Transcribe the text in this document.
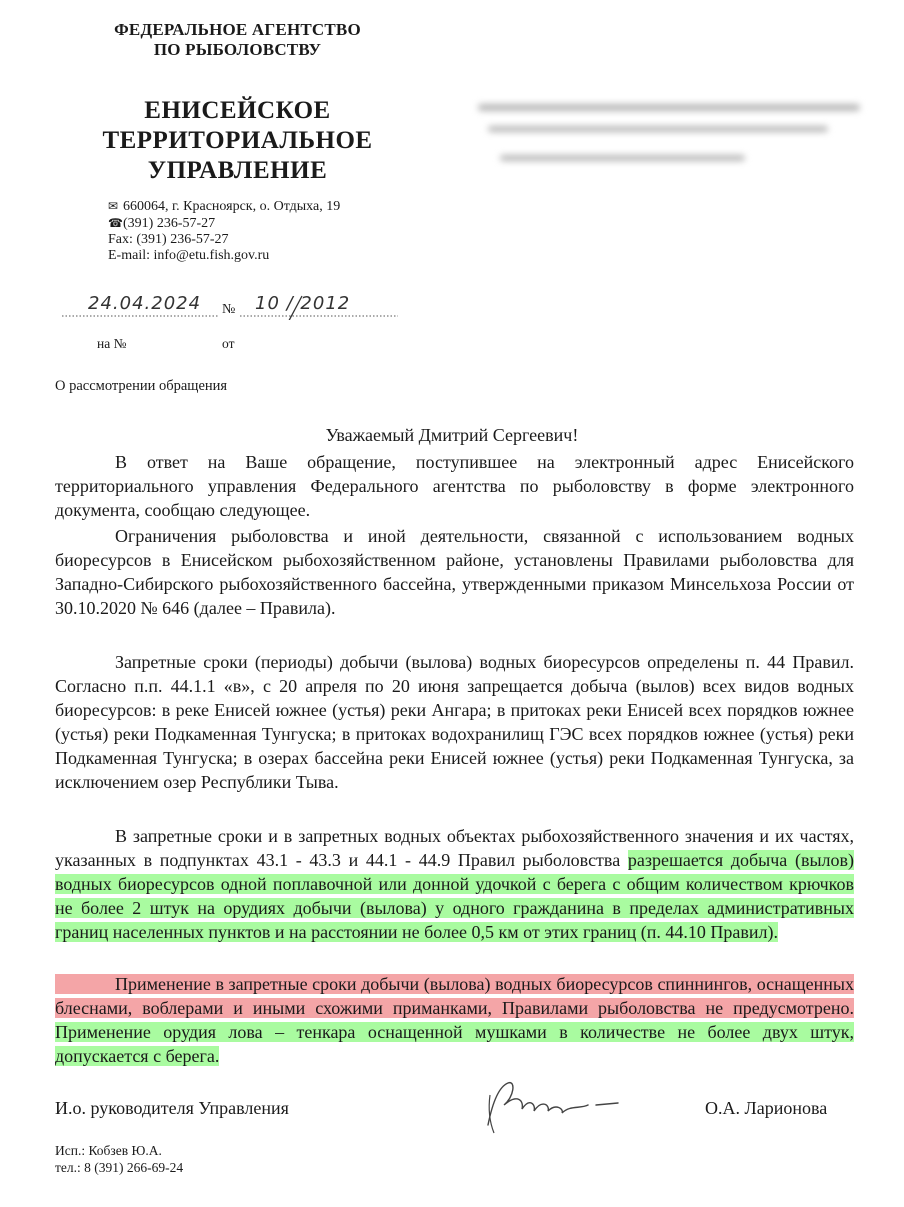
ФЕДЕРАЛЬНОЕ АГЕНТСТВО
ПО РЫБОЛОВСТВУ
ЕНИСЕЙСКОЕ
ТЕРРИТОРИАЛЬНОЕ
УПРАВЛЕНИЕ
✉ 660064, г. Красноярск, о. Отдыха, 19
☎(391) 236-57-27
Fax: (391) 236-57-27
E-mail: info@etu.fish.gov.ru
24.04.2024 № 10 / 2012
на №	от
О рассмотрении обращения
Уважаемый Дмитрий Сергеевич!
В ответ на Ваше обращение, поступившее на электронный адрес Енисейского территориального управления Федерального агентства по рыболовству в форме электронного документа, сообщаю следующее.
Ограничения рыболовства и иной деятельности, связанной с использованием водных биоресурсов в Енисейском рыбохозяйственном районе, установлены Правилами рыболовства для Западно-Сибирского рыбохозяйственного бассейна, утвержденными приказом Минсельхоза России от 30.10.2020 № 646 (далее – Правила).
Запретные сроки (периоды) добычи (вылова) водных биоресурсов определены п. 44 Правил. Согласно п.п. 44.1.1 «в», с 20 апреля по 20 июня запрещается добыча (вылов) всех видов водных биоресурсов: в реке Енисей южнее (устья) реки Ангара; в притоках реки Енисей всех порядков южнее (устья) реки Подкаменная Тунгуска; в притоках водохранилищ ГЭС всех порядков южнее (устья) реки Подкаменная Тунгуска; в озерах бассейна реки Енисей южнее (устья) реки Подкаменная Тунгуска, за исключением озер Республики Тыва.
В запретные сроки и в запретных водных объектах рыбохозяйственного значения и их частях, указанных в подпунктах 43.1 - 43.3 и 44.1 - 44.9 Правил рыболовства разрешается добыча (вылов) водных биоресурсов одной поплавочной или донной удочкой с берега с общим количеством крючков не более 2 штук на орудиях добычи (вылова) у одного гражданина в пределах административных границ населенных пунктов и на расстоянии не более 0,5 км от этих границ (п. 44.10 Правил).
Применение в запретные сроки добычи (вылова) водных биоресурсов спиннингов, оснащенных блеснами, воблерами и иными схожими приманками, Правилами рыболовства не предусмотрено. Применение орудия лова – тенкара оснащенной мушками в количестве не более двух штук, допускается с берега.
И.о. руководителя Управления	О.А. Ларионова
Исп.: Кобзев Ю.А.
тел.: 8 (391) 266-69-24
